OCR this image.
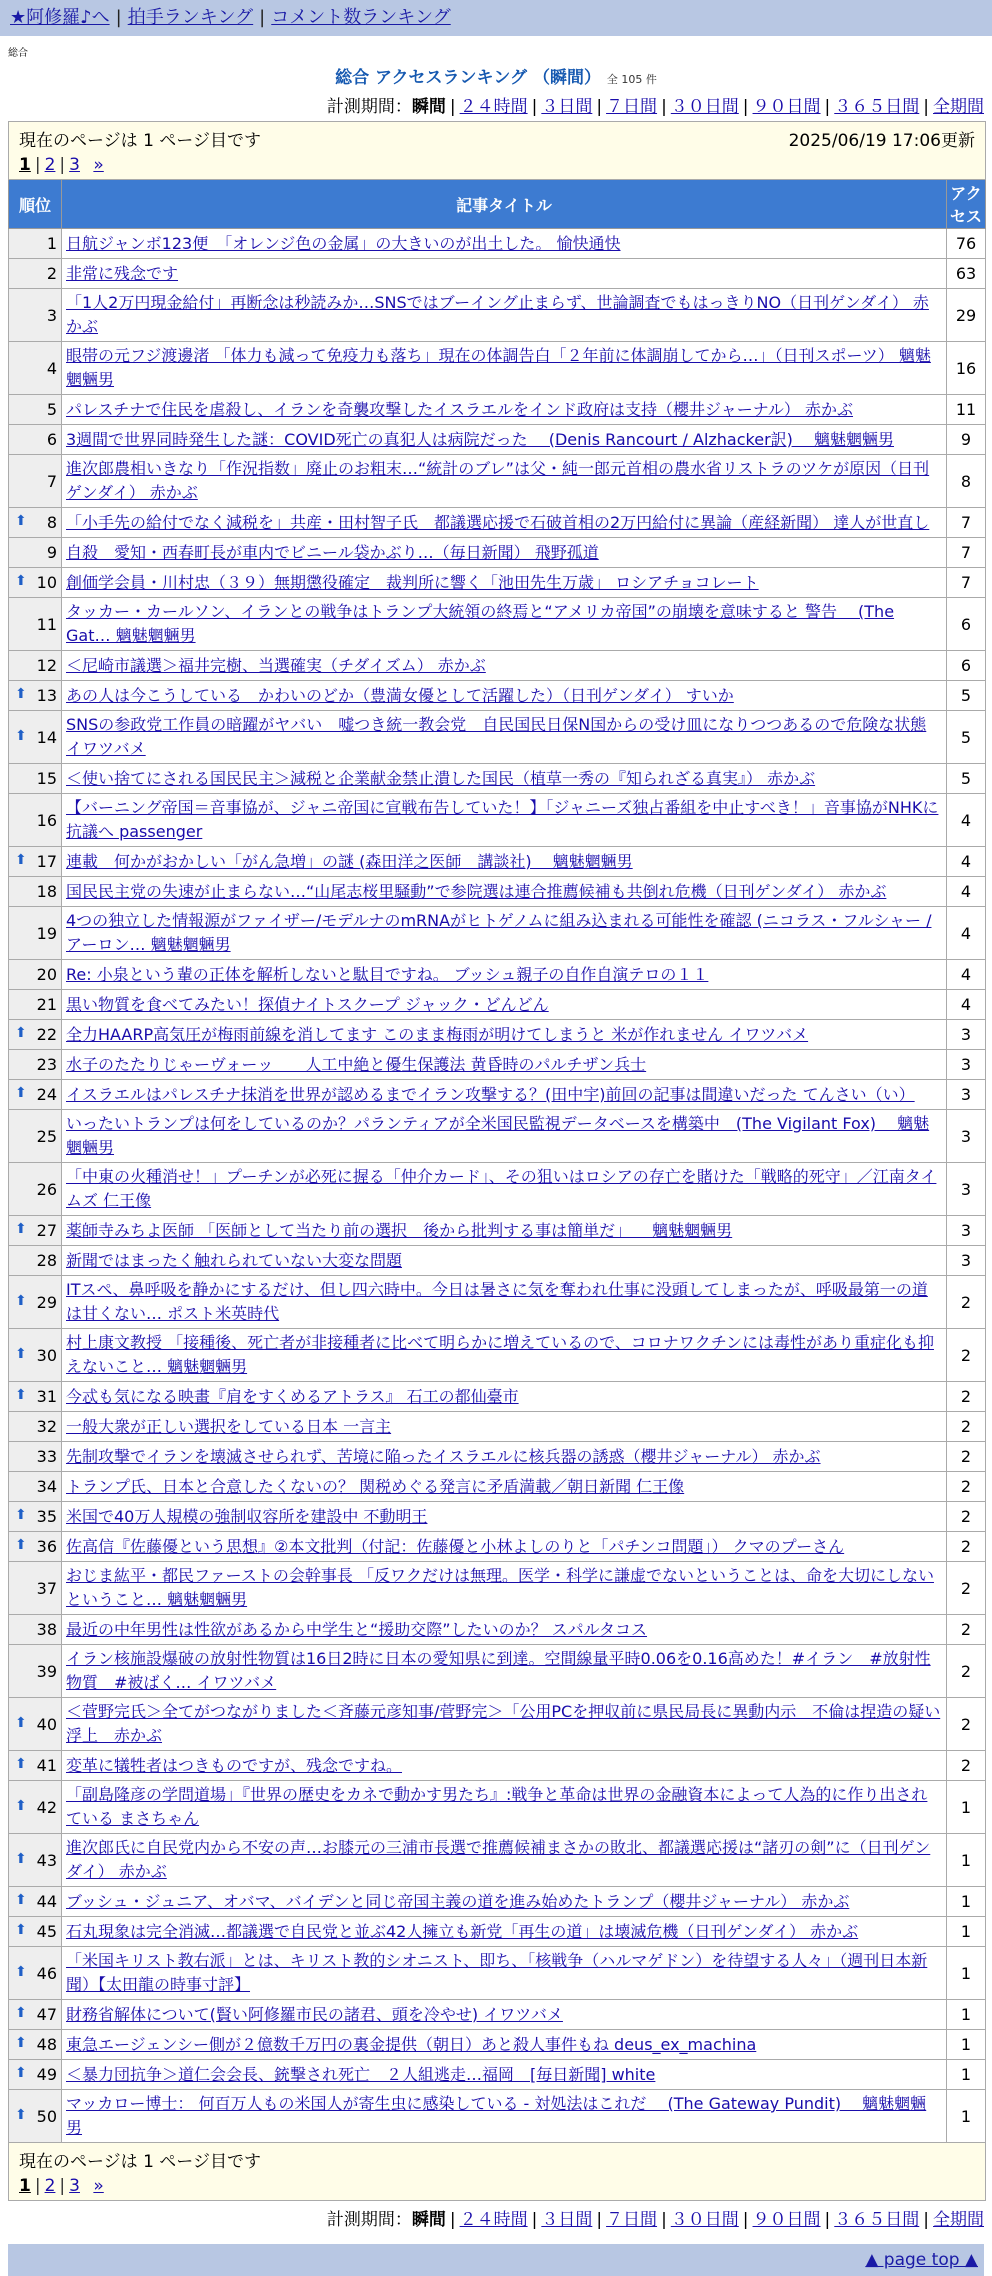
★阿修羅♪へ | 拍手ランキング | コメント数ランキング
総合
総合 アクセスランキング （瞬間） 全 105 件
計測期間：瞬間 | ２４時間 | ３日間 | ７日間 | ３０日間 | ９０日間 | ３６５日間 | 全期間
現在のページは 1 ページ目です 2025/06/19 17:06更新
1 | 2 | 3 »		

順位	記事タイトル	アクセス
1	日航ジャンボ123便　「オレンジ色の金属」の大きいのが出土した。 愉快通快	76
2	非常に残念です	63
3	「1人2万円現金給付」再断念は秒読みか…SNSではブーイング止まらず、世論調査でもはっきりNO（日刊ゲンダイ） 赤かぶ	29
4	眼帯の元フジ渡邊渚 「体力も減って免疫力も落ち」現在の体調告白「２年前に体調崩してから…」（日刊スポーツ） 魑魅魍魎男	16
5	パレスチナで住民を虐殺し、イランを奇襲攻撃したイスラエルをインド政府は支持（櫻井ジャーナル） 赤かぶ	11
6	3週間で世界同時発生した謎：COVID死亡の真犯人は病院だった 　(Denis Rancourt / Alzhacker訳) 　魑魅魍魎男	9
7	進次郎農相いきなり「作況指数」廃止のお粗末…“統計のブレ”は父・純一郎元首相の農水省リストラのツケが原因（日刊ゲンダイ） 赤かぶ	8

⬆ 8	「小手先の給付でなく減税を」共産・田村智子氏　都議選応援で石破首相の2万円給付に異論（産経新聞） 達人が世直し	7
9	自殺　愛知・西春町長が車内でビニール袋かぶり…（毎日新聞） 飛野孤道	7

⬆ 10	創価学会員・川村忠（３９）無期懲役確定　裁判所に響く「池田先生万歳」 ロシアチョコレート	7
11	タッカー・カールソン、イランとの戦争はトランプ大統領の終焉と“アメリカ帝国”の崩壊を意味すると 警告 　(The Gat… 魑魅魍魎男	6
12	＜尼崎市議選＞福井完樹、当選確実（チダイズム） 赤かぶ	6

⬆ 13	あの人は今こうしている　かわいのどか（豊満女優として活躍した）（日刊ゲンダイ） すいか	5

⬆ 14	SNSの参政党工作員の暗躍がヤバい　嘘つき統一教会党　自民国民日保N国からの受け皿になりつつあるので危険な状態 イワツバメ	5
15	＜使い捨てにされる国民民主＞減税と企業献金禁止潰した国民（植草一秀の『知られざる真実』） 赤かぶ	5
16	【バーニング帝国＝音事協が、ジャニ帝国に宣戦布告していた！】「ジャニーズ独占番組を中止すべき！」音事協がNHKに抗議へ passenger	4

⬆ 17	連載　何かがおかしい「がん急増」の謎 (森田洋之医師　講談社) 　魑魅魍魎男	4
18	国民民主党の失速が止まらない…“山尾志桜里騒動”で参院選は連合推薦候補も共倒れ危機（日刊ゲンダイ） 赤かぶ	4
19	4つの独立した情報源がファイザー/モデルナのmRNAがヒトゲノムに組み込まれる可能性を確認 (ニコラス・フルシャー / アーロン… 魑魅魍魎男	4
20	Re: 小泉という輩の正体を解析しないと駄目ですね。 ブッシュ親子の自作自演テロの１１	4
21	黒い物質を食べてみたい！探偵ナイトスクープ ジャック・どんどん	4

⬆ 22	全力HAARP高気圧が梅雨前線を消してます このまま梅雨が明けてしまうと 米が作れません イワツバメ	3
23	水子のたたりじゃーヴォーッ　　人工中絶と優生保護法 黄昏時のパルチザン兵士	3

⬆ 24	イスラエルはパレスチナ抹消を世界が認めるまでイラン攻撃する？(田中宇)前回の記事は間違いだった てんさい（い）	3
25	いったいトランプは何をしているのか？パランティアが全米国民監視データベースを構築中　(The Vigilant Fox) 　魑魅魍魎男	3
26	「中東の火種消せ！」プーチンが必死に握る「仲介カード」、その狙いはロシアの存亡を賭けた「戦略的死守」／江南タイムズ 仁王像	3

⬆ 27	薬師寺みちよ医師 「医師として当たり前の選択　後から批判する事は簡単だ」 　魑魅魍魎男	3
28	新聞ではまったく触れられていない大変な問題	3

⬆ 29	ITスペ、鼻呼吸を静かにするだけ、但し四六時中。今日は暑さに気を奪われ仕事に没頭してしまったが、呼吸最第一の道は甘くない… ポスト米英時代	2

⬆ 30	村上康文教授 「接種後、死亡者が非接種者に比べて明らかに増えているので、コロナワクチンには毒性があり重症化も抑えないこと… 魑魅魍魎男	2

⬆ 31	今忒も気になる映畫『肩をすくめるアトラス』 石工の都仙臺市	2
32	一般大衆が正しい選択をしている日本 一言主	2
33	先制攻撃でイランを壊滅させられず、苦境に陥ったイスラエルに核兵器の誘惑（櫻井ジャーナル） 赤かぶ	2
34	トランプ氏、日本と合意したくないの？ 関税めぐる発言に矛盾満載／朝日新聞 仁王像	2

⬆ 35	米国で40万人規模の強制収容所を建設中 不動明王	2

⬆ 36	佐高信『佐藤優という思想』②本文批判（付記：佐藤優と小林よしのりと「パチンコ問題」） クマのプーさん	2
37	おじま紘平・都民ファーストの会幹事長 「反ワクだけは無理。医学・科学に謙虚でないということは、命を大切にしないということ… 魑魅魍魎男	2
38	最近の中年男性は性欲があるから中学生と“援助交際”したいのか？ スパルタコス	2
39	イラン核施設爆破の放射性物質は16日2時に日本の愛知県に到達。空間線量平時0.06を0.16高めた！#イラン　#放射性物質　#被ばく… イワツバメ	2

⬆ 40	＜菅野完氏＞全てがつながりました＜斉藤元彦知事/菅野完＞「公用PCを押収前に県民局長に異動内示　不倫は捏造の疑い浮上　赤かぶ	2

⬆ 41	変革に犠牲者はつきものですが、残念ですね。	2

⬆ 42	「副島隆彦の学問道場」『世界の歴史をカネで動かす男たち』:戦争と革命は世界の金融資本によって人為的に作り出されている まさちゃん	1

⬆ 43	進次郎氏に自民党内から不安の声…お膝元の三浦市長選で推薦候補まさかの敗北、都議選応援は“諸刃の剣”に（日刊ゲンダイ） 赤かぶ	1

⬆ 44	ブッシュ・ジュニア、オバマ、バイデンと同じ帝国主義の道を進み始めたトランプ（櫻井ジャーナル） 赤かぶ	1

⬆ 45	石丸現象は完全消滅…都議選で自民党と並ぶ42人擁立も新党「再生の道」は壊滅危機（日刊ゲンダイ） 赤かぶ	1

⬆ 46	「米国キリスト教右派」とは、キリスト教的シオニスト、即ち、「核戦争（ハルマゲドン）を待望する人々」（週刊日本新聞）【太田龍の時事寸評】	1

⬆ 47	財務省解体について(賢い阿修羅市民の諸君、頭を冷やせ) イワツバメ	1

⬆ 48	東急エージェンシー側が２億数千万円の裏金提供（朝日）あと殺人事件もね deus_ex_machina	1

⬆ 49	＜暴力団抗争＞道仁会会長、銃撃され死亡　２人組逃走…福岡　[毎日新聞] white	1

⬆ 50	マッカロー博士： 何百万人もの米国人が寄生虫に感染している - 対処法はこれだ 　(The Gateway Pundit) 　魑魅魍魎男	1

現在のページは 1 ページ目です
1 | 2 | 3 »		
計測期間：瞬間 | ２４時間 | ３日間 | ７日間 | ３０日間 | ９０日間 | ３６５日間 | 全期間
▲ page top ▲
